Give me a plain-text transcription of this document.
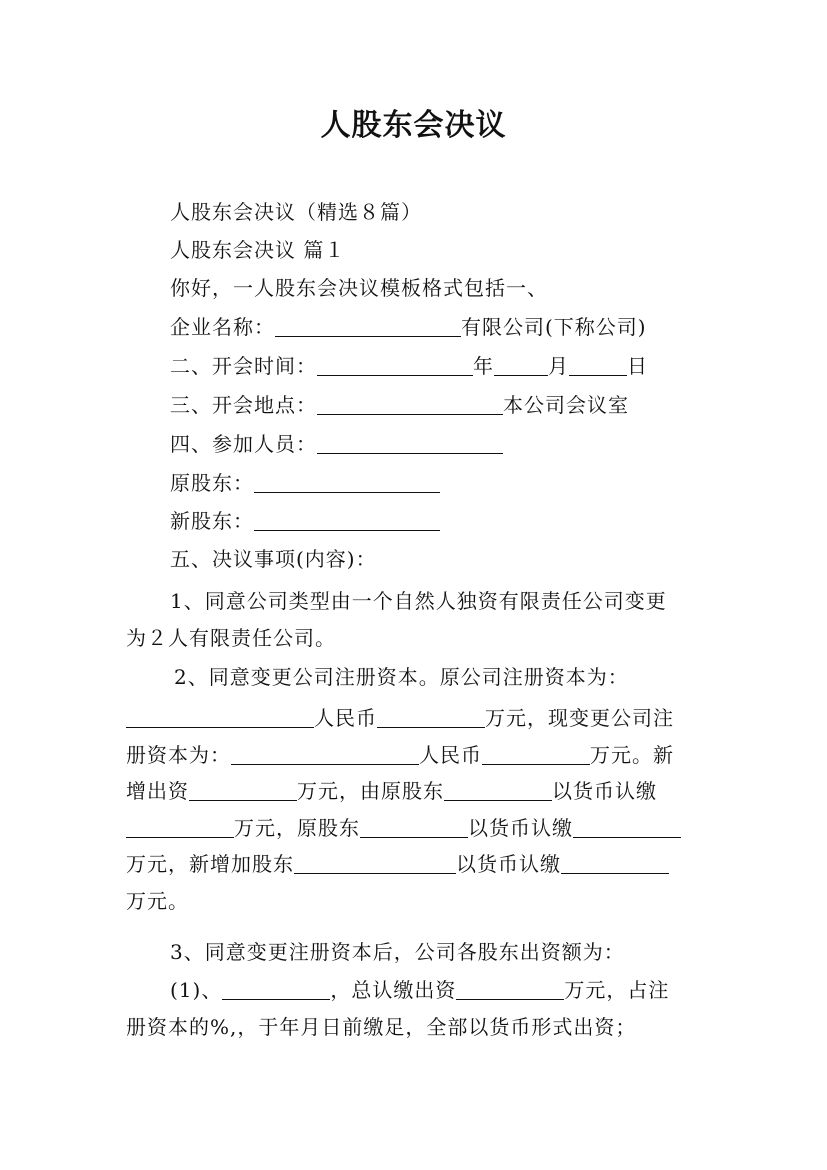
人股东会决议
人股东会决议（精选８篇）
人股东会决议 篇１
你好，一人股东会决议模板格式包括一、
企业名称：	有限公司(下称公司)
二、开会时间：	年	月	日
三、开会地点：	本公司会议室
四、参加人员：
原股东：
新股东：
五、决议事项(内容)：
1、同意公司类型由一个自然人独资有限责任公司变更
为２人有限责任公司。
2、同意变更公司注册资本。原公司注册资本为：
人民币	万元，现变更公司注
册资本为：	人民币	万元。新
增出资	万元，由原股东	以货币认缴
万元，原股东	以货币认缴
万元，新增加股东	以货币认缴
万元。
3、同意变更注册资本后，公司各股东出资额为：
(1)、	，总认缴出资	万元，占注
册资本的%,，于年月日前缴足，全部以货币形式出资；
